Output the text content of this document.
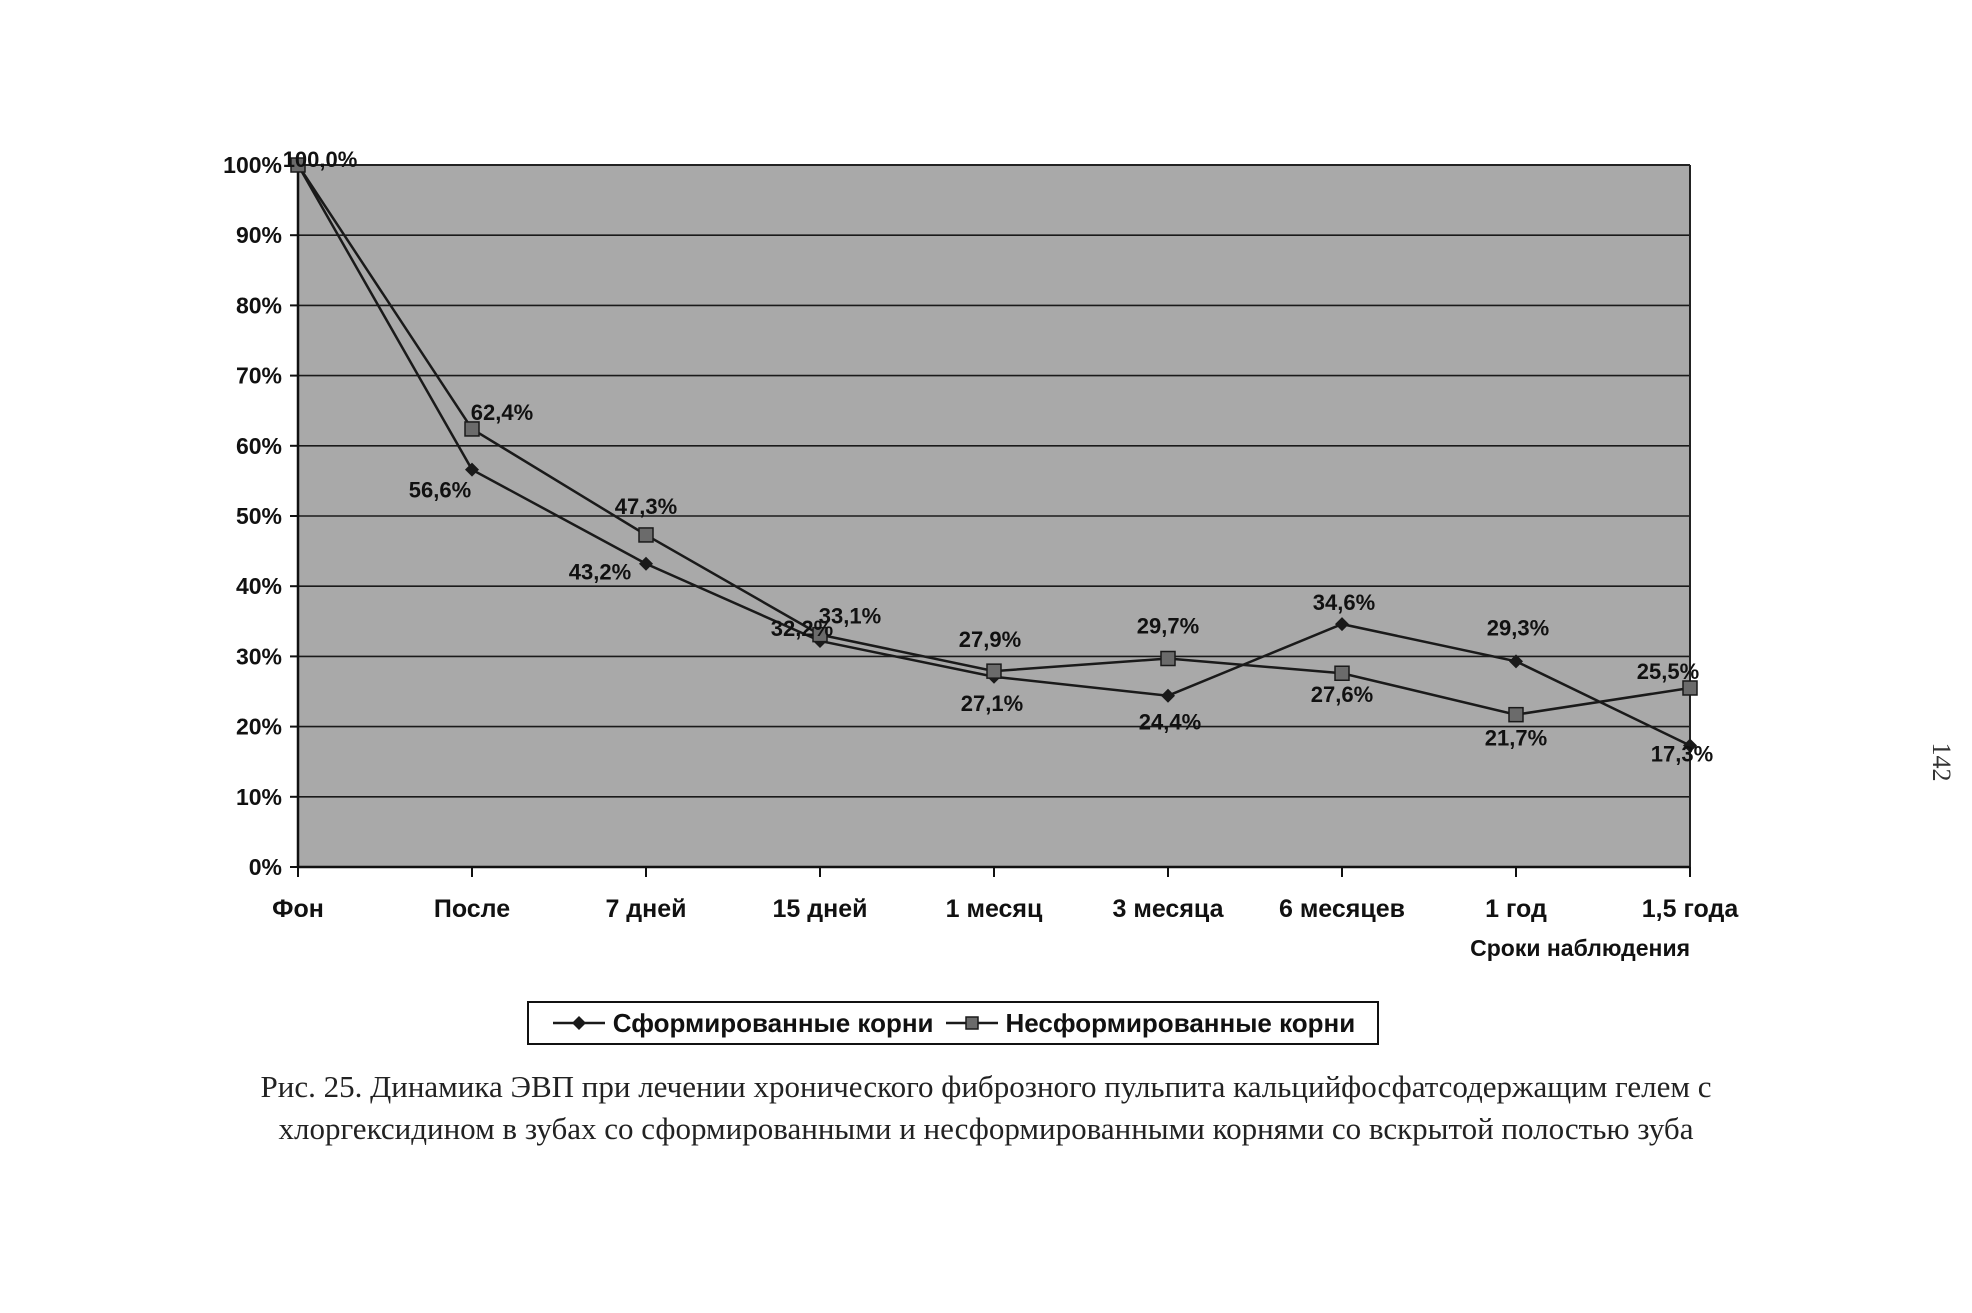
0%
10%
20%
30%
40%
50%
60%
70%
80%
90%
100%
Фон	После	7 дней	15 дней	1 месяц	3 месяца 6 месяцев	1 год	1,5 года
56,6%
43,2%
32,2%
27,1%
24,4%
34,6%
29,3%
17,3%
100,0%
62,4%
47,3%
33,1%
27,9%
29,7%
27,6%
21,7%
25,5%
Сроки наблюдения
Сформированные корни	Несформированные корни
Рис. 25. Динамика ЭВП при лечении хронического фиброзного пульпита кальцийфосфатсодержащим гелем с
хлоргексидином в зубах со сформированными и несформированными корнями со вскрытой полостью зуба
142
